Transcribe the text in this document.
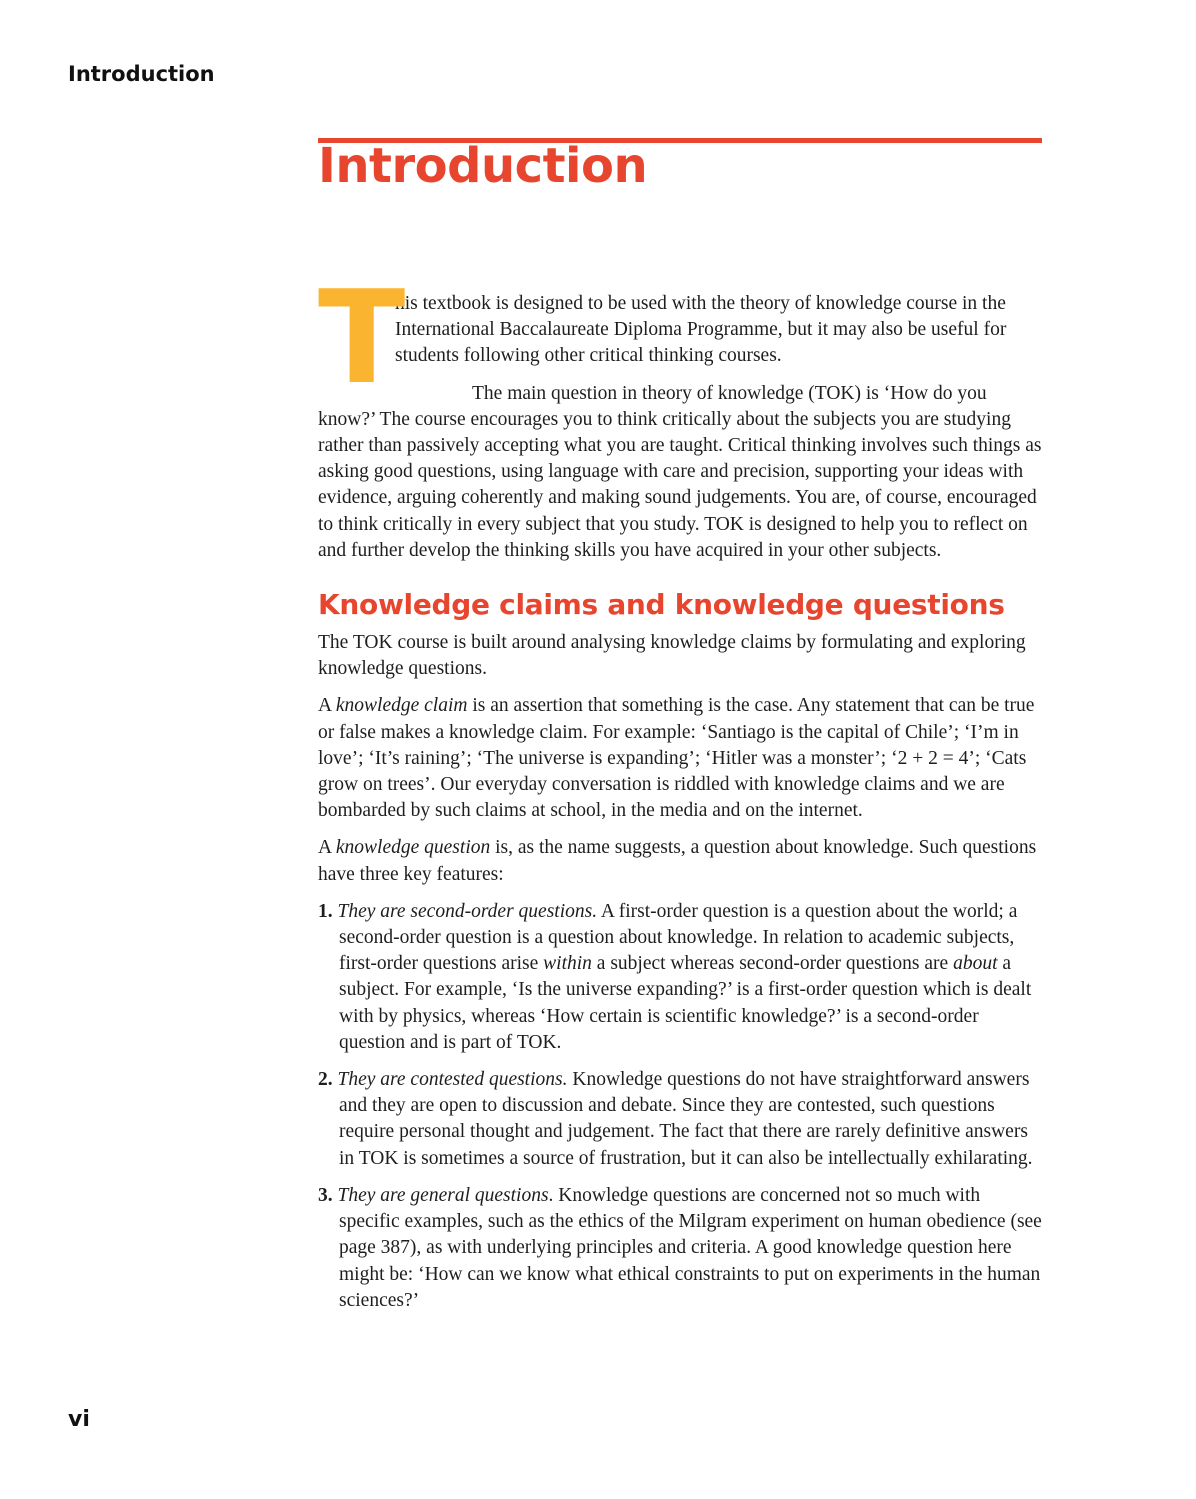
Introduction
Introduction

T
his textbook is designed to be used with the theory of knowledge course in the International Baccalaureate Diploma Programme, but it may also be useful for students following other critical thinking courses.

The main question in theory of knowledge (TOK) is ‘How do you know?’ The course encourages you to think critically about the subjects you are studying rather than passively accepting what you are taught. Critical thinking involves such things as asking good questions, using language with care and precision, supporting your ideas with evidence, arguing coherently and making sound judgements. You are, of course, encouraged to think critically in every subject that you study. TOK is designed to help you to reflect on and further develop the thinking skills you have acquired in your other subjects.

Knowledge claims and knowledge questions

The TOK course is built around analysing knowledge claims by formulating and exploring knowledge questions.

A knowledge claim is an assertion that something is the case. Any statement that can be true or false makes a knowledge claim. For example: ‘Santiago is the capital of Chile’; ‘I’m in love’; ‘It’s raining’; ‘The universe is expanding’; ‘Hitler was a monster’; ‘2 + 2 = 4’; ‘Cats grow on trees’. Our everyday conversation is riddled with knowledge claims and we are bombarded by such claims at school, in the media and on the internet.

A knowledge question is, as the name suggests, a question about knowledge. Such questions have three key features:

1. They are second-order questions. A first-order question is a question about the world; a second-order question is a question about knowledge. In relation to academic subjects, first-order questions arise within a subject whereas second-order questions are about a subject. For example, ‘Is the universe expanding?’ is a first-order question which is dealt with by physics, whereas ‘How certain is scientific knowledge?’ is a second-order question and is part of TOK.
2. They are contested questions. Knowledge questions do not have straightforward answers and they are open to discussion and debate. Since they are contested, such questions require personal thought and judgement. The fact that there are rarely definitive answers in TOK is sometimes a source of frustration, but it can also be intellectually exhilarating.
3. They are general questions. Knowledge questions are concerned not so much with specific examples, such as the ethics of the Milgram experiment on human obedience (see page 387), as with underlying principles and criteria. A good knowledge question here might be: ‘How can we know what ethical constraints to put on experiments in the human sciences?’
vi
